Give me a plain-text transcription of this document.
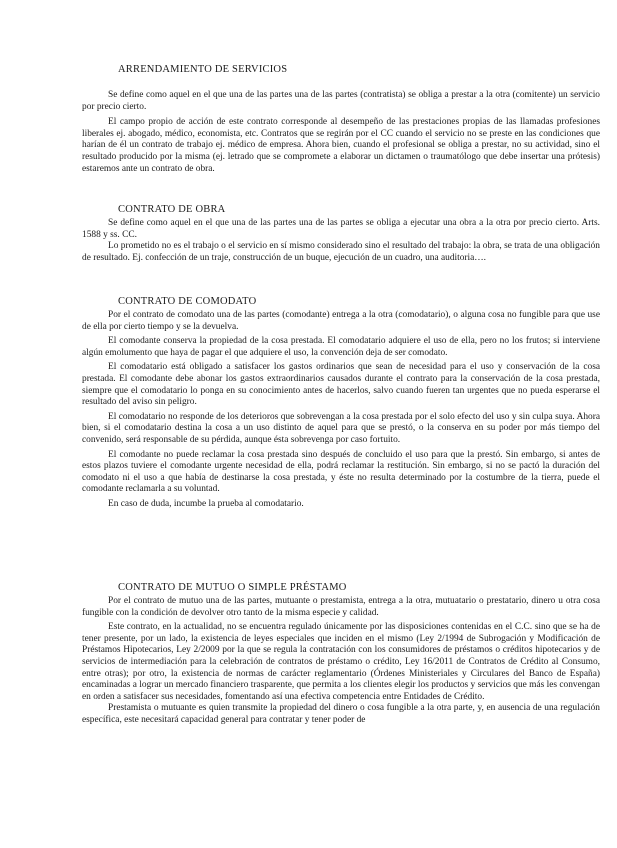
ARRENDAMIENTO DE SERVICIOS

Se define como aquel en el que una de las partes una de las partes (contratista) se obliga a prestar a la otra (comitente) un servicio por precio cierto.

El campo propio de acción de este contrato corresponde al desempeño de las prestaciones propias de las llamadas profesiones liberales ej. abogado, médico, economista, etc. Contratos que se regirán por el CC cuando el servicio no se preste en las condiciones que harían de él un contrato de trabajo ej. médico de empresa. Ahora bien, cuando el profesional se obliga a prestar, no su actividad, sino el resultado producido por la misma (ej. letrado que se compromete a elaborar un dictamen o traumatólogo que debe insertar una prótesis) estaremos ante un contrato de obra.

CONTRATO DE OBRA

Se define como aquel en el que una de las partes una de las partes se obliga a ejecutar una obra a la otra por precio cierto. Arts. 1588 y ss. CC.

Lo prometido no es el trabajo o el servicio en sí mismo considerado sino el resultado del trabajo: la obra, se trata de una obligación de resultado. Ej. confección de un traje, construcción de un buque, ejecución de un cuadro, una auditoria….

CONTRATO DE COMODATO

Por el contrato de comodato una de las partes (comodante) entrega a la otra (comodatario), o alguna cosa no fungible para que use de ella por cierto tiempo y se la devuelva.

El comodante conserva la propiedad de la cosa prestada. El comodatario adquiere el uso de ella, pero no los frutos; si interviene algún emolumento que haya de pagar el que adquiere el uso, la convención deja de ser comodato.

El comodatario está obligado a satisfacer los gastos ordinarios que sean de necesidad para el uso y conservación de la cosa prestada. El comodante debe abonar los gastos extraordinarios causados durante el contrato para la conservación de la cosa prestada, siempre que el comodatario lo ponga en su conocimiento antes de hacerlos, salvo cuando fueren tan urgentes que no pueda esperarse el resultado del aviso sin peligro.

El comodatario no responde de los deterioros que sobrevengan a la cosa prestada por el solo efecto del uso y sin culpa suya. Ahora bien, si el comodatario destina la cosa a un uso distinto de aquel para que se prestó, o la conserva en su poder por más tiempo del convenido, será responsable de su pérdida, aunque ésta sobrevenga por caso fortuito.

El comodante no puede reclamar la cosa prestada sino después de concluido el uso para que la prestó. Sin embargo, si antes de estos plazos tuviere el comodante urgente necesidad de ella, podrá reclamar la restitución. Sin embargo, si no se pactó la duración del comodato ni el uso a que había de destinarse la cosa prestada, y éste no resulta determinado por la costumbre de la tierra, puede el comodante reclamarla a su voluntad.

En caso de duda, incumbe la prueba al comodatario.

CONTRATO DE MUTUO O SIMPLE PRÉSTAMO

Por el contrato de mutuo una de las partes, mutuante o prestamista, entrega a la otra, mutuatario o prestatario, dinero u otra cosa fungible con la condición de devolver otro tanto de la misma especie y calidad.

Este contrato, en la actualidad, no se encuentra regulado únicamente por las disposiciones contenidas en el C.C. sino que se ha de tener presente, por un lado, la existencia de leyes especiales que inciden en el mismo (Ley 2/1994 de Subrogación y Modificación de Préstamos Hipotecarios, Ley 2/2009 por la que se regula la contratación con los consumidores de préstamos o créditos hipotecarios y de servicios de intermediación para la celebración de contratos de préstamo o crédito, Ley 16/2011 de Contratos de Crédito al Consumo, entre otras); por otro, la existencia de normas de carácter reglamentario (Órdenes Ministeriales y Circulares del Banco de España) encaminadas a lograr un mercado financiero trasparente, que permita a los clientes elegir los productos y servicios que más les convengan en orden a satisfacer sus necesidades, fomentando así una efectiva competencia entre Entidades de Crédito.

Prestamista o mutuante es quien transmite la propiedad del dinero o cosa fungible a la otra parte, y, en ausencia de una regulación específica, este necesitará capacidad general para contratar y tener poder de
